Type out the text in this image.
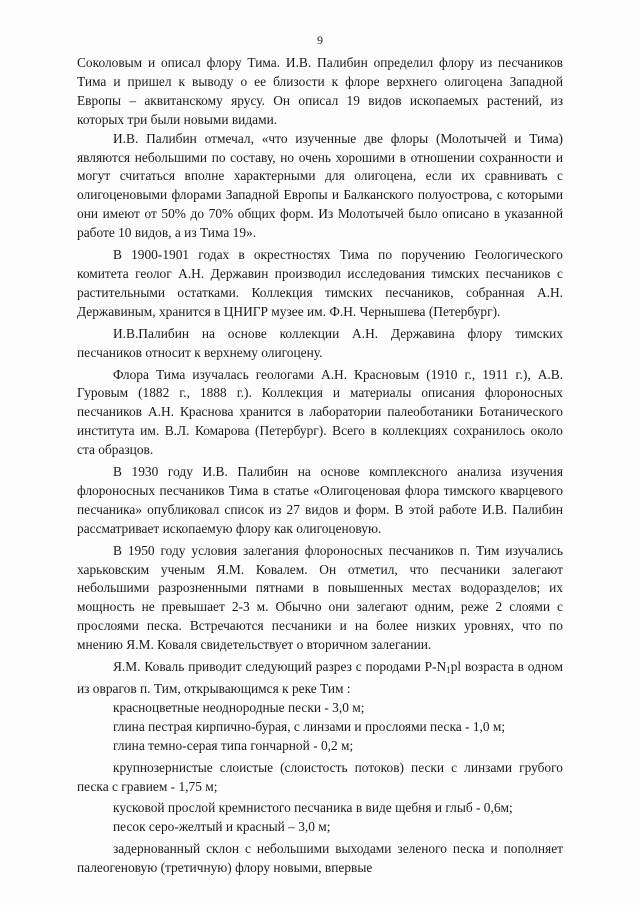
9

Соколовым и описал флору Тима. И.В. Палибин определил флору из песчаников Тима и пришел к выводу о ее близости к флоре верхнего олигоцена Западной Европы – аквитанскому ярусу. Он описал 19 видов ископаемых растений, из которых три были новыми видами.

И.В. Палибин отмечал, «что изученные две флоры (Молотычей и Тима) являются небольшими по составу, но очень хорошими в отношении сохранности и могут считаться вполне характерными для олигоцена, если их сравнивать с олигоценовыми флорами Западной Европы и Балканского полуострова, с которыми они имеют от 50% до 70% общих форм. Из Молотычей было описано в указанной работе 10 видов, а из Тима 19».

В 1900-1901 годах в окрестностях Тима по поручению Геологического комитета геолог А.Н. Державин производил исследования тимских песчаников с растительными остатками. Коллекция тимских песчаников, собранная А.Н. Державиным, хранится в ЦНИГР музее им. Ф.Н. Чернышева (Петербург).

И.В.Палибин на основе коллекции А.Н. Державина флору тимских песчаников относит к верхнему олигоцену.

Флора Тима изучалась геологами А.Н. Красновым (1910 г., 1911 г.), А.В. Гуровым (1882 г., 1888 г.). Коллекция и материалы описания флороносных песчаников А.Н. Краснова хранится в лаборатории палеоботаники Ботанического института им. В.Л. Комарова (Петербург). Всего в коллекциях сохранилось около ста образцов.

В 1930 году И.В. Палибин на основе комплексного анализа изучения флороносных песчаников Тима в статье «Олигоценовая флора тимского кварцевого песчаника» опубликовал список из 27 видов и форм. В этой работе И.В. Палибин рассматривает ископаемую флору как олигоценовую.

В 1950 году условия залегания флороносных песчаников п. Тим изучались харьковским ученым Я.М. Ковалем. Он отметил, что песчаники залегают небольшими разрозненными пятнами в повышенных местах водоразделов; их мощность не превышает 2-3 м. Обычно они залегают одним, реже 2 слоями с прослоями песка. Встречаются песчаники и на более низких уровнях, что по мнению Я.М. Коваля свидетельствует о вторичном залегании.

Я.М. Коваль приводит следующий разрез с породами $P-N_1pl$ возраста в одном из оврагов п. Тим, открывающимся к реке Тим :

красноцветные неоднородные пески - 3,0 м;

глина пестрая кирпично-бурая, с линзами и прослоями песка - 1,0 м;

глина темно-серая типа гончарной - 0,2 м;

крупнозернистые слоистые (слоистость потоков) пески с линзами грубого песка с гравием - 1,75 м;

кусковой прослой кремнистого песчаника в виде щебня и глыб - 0,6м;

песок серо-желтый и красный – 3,0 м;

задернованный склон с небольшими выходами зеленого песка и пополняет палеогеновую (третичную) флору новыми, впервые
